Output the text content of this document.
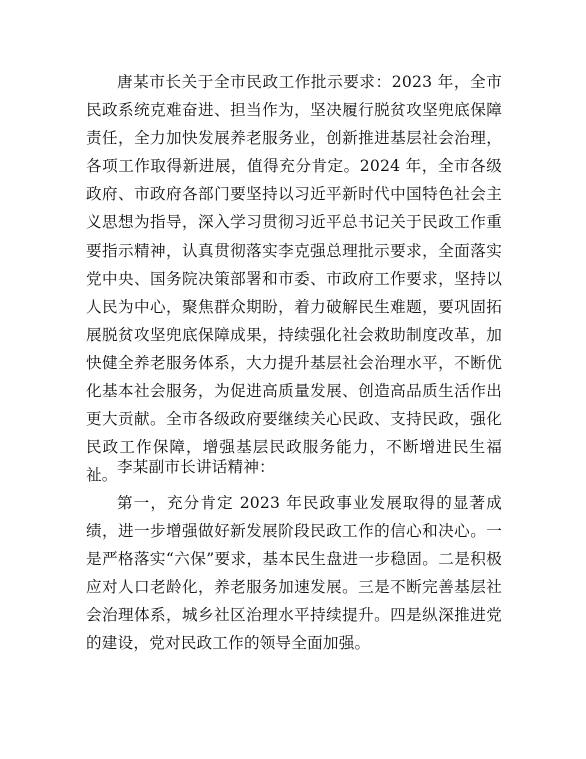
唐某市长关于全市民政工作批示要求：2023 年，全市民政系统克难奋进、担当作为，坚决履行脱贫攻坚兜底保障责任，全力加快发展养老服务业，创新推进基层社会治理，各项工作取得新进展，值得充分肯定。2024 年，全市各级政府、市政府各部门要坚持以习近平新时代中国特色社会主义思想为指导，深入学习贯彻习近平总书记关于民政工作重要指示精神，认真贯彻落实李克强总理批示要求，全面落实党中央、国务院决策部署和市委、市政府工作要求，坚持以人民为中心，聚焦群众期盼，着力破解民生难题，要巩固拓展脱贫攻坚兜底保障成果，持续强化社会救助制度改革，加快健全养老服务体系，大力提升基层社会治理水平，不断优化基本社会服务，为促进高质量发展、创造高品质生活作出更大贡献。全市各级政府要继续关心民政、支持民政，强化民政工作保障，增强基层民政服务能力，不断增进民生福祉。 李某副市长讲话精神：

第一，充分肯定 2023 年民政事业发展取得的显著成绩，进一步增强做好新发展阶段民政工作的信心和决心。一是严格落实“六保”要求，基本民生盘进一步稳固。二是积极应对人口老龄化，养老服务加速发展。三是不断完善基层社会治理体系，城乡社区治理水平持续提升。四是纵深推进党的建设，党对民政工作的领导全面加强。
